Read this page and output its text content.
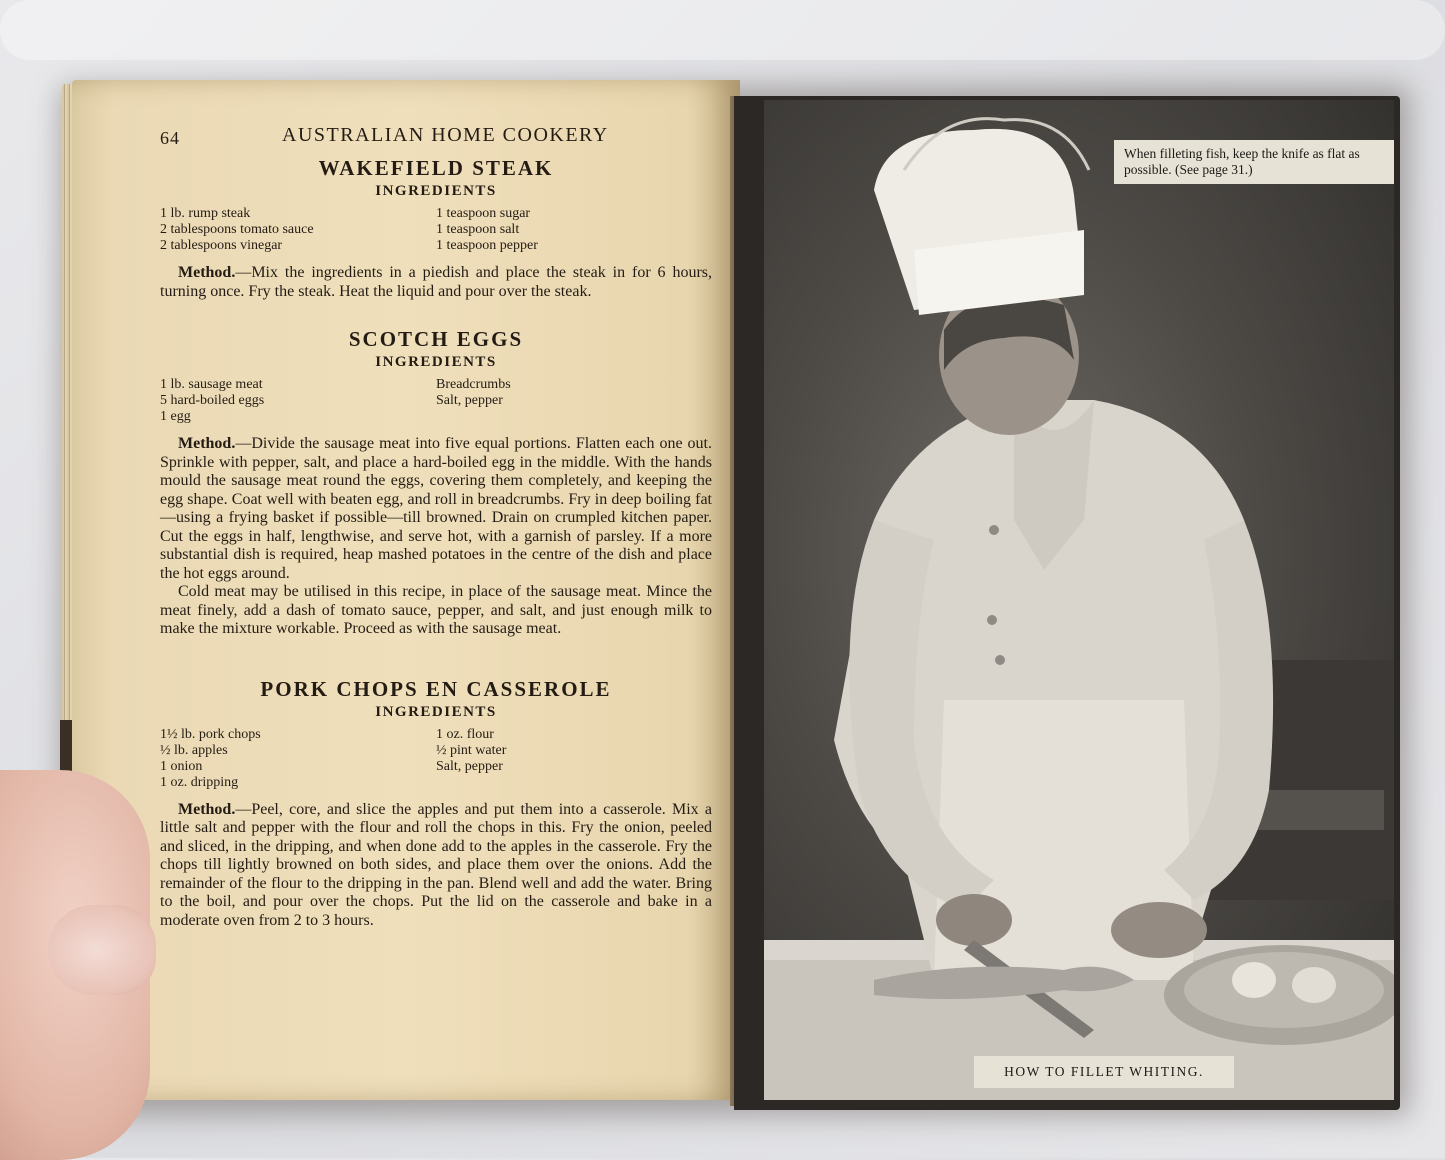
64	AUSTRALIAN HOME COOKERY
WAKEFIELD STEAK
INGREDIENTS
1 lb. rump steak
2 tablespoons tomato sauce
2 tablespoons vinegar
1 teaspoon sugar
1 teaspoon salt
1 teaspoon pepper
Method.—Mix the ingredients in a piedish and place the steak in for 6 hours, turning once. Fry the steak. Heat the liquid and pour over the steak.
SCOTCH EGGS
INGREDIENTS
1 lb. sausage meat
5 hard-boiled eggs
1 egg
Breadcrumbs
Salt, pepper
Method.—Divide the sausage meat into five equal portions. Flatten each one out. Sprinkle with pepper, salt, and place a hard-boiled egg in the middle. With the hands mould the sausage meat round the eggs, covering them completely, and keeping the egg shape. Coat well with beaten egg, and roll in breadcrumbs. Fry in deep boiling fat—using a frying basket if possible—till browned. Drain on crumpled kitchen paper. Cut the eggs in half, lengthwise, and serve hot, with a garnish of parsley. If a more substantial dish is required, heap mashed potatoes in the centre of the dish and place the hot eggs around.
Cold meat may be utilised in this recipe, in place of the sausage meat. Mince the meat finely, add a dash of tomato sauce, pepper, and salt, and just enough milk to make the mixture workable. Proceed as with the sausage meat.
PORK CHOPS EN CASSEROLE
INGREDIENTS
1½ lb. pork chops
½ lb. apples
1 onion
1 oz. dripping
1 oz. flour
½ pint water
Salt, pepper
Method.—Peel, core, and slice the apples and put them into a casserole. Mix a little salt and pepper with the flour and roll the chops in this. Fry the onion, peeled and sliced, in the dripping, and when done add to the apples in the casserole. Fry the chops till lightly browned on both sides, and place them over the onions. Add the remainder of the flour to the dripping in the pan. Blend well and add the water. Bring to the boil, and pour over the chops. Put the lid on the casserole and bake in a moderate oven from 2 to 3 hours.
When filleting fish, keep the knife as flat as possible. (See page 31.)
HOW TO FILLET WHITING.
